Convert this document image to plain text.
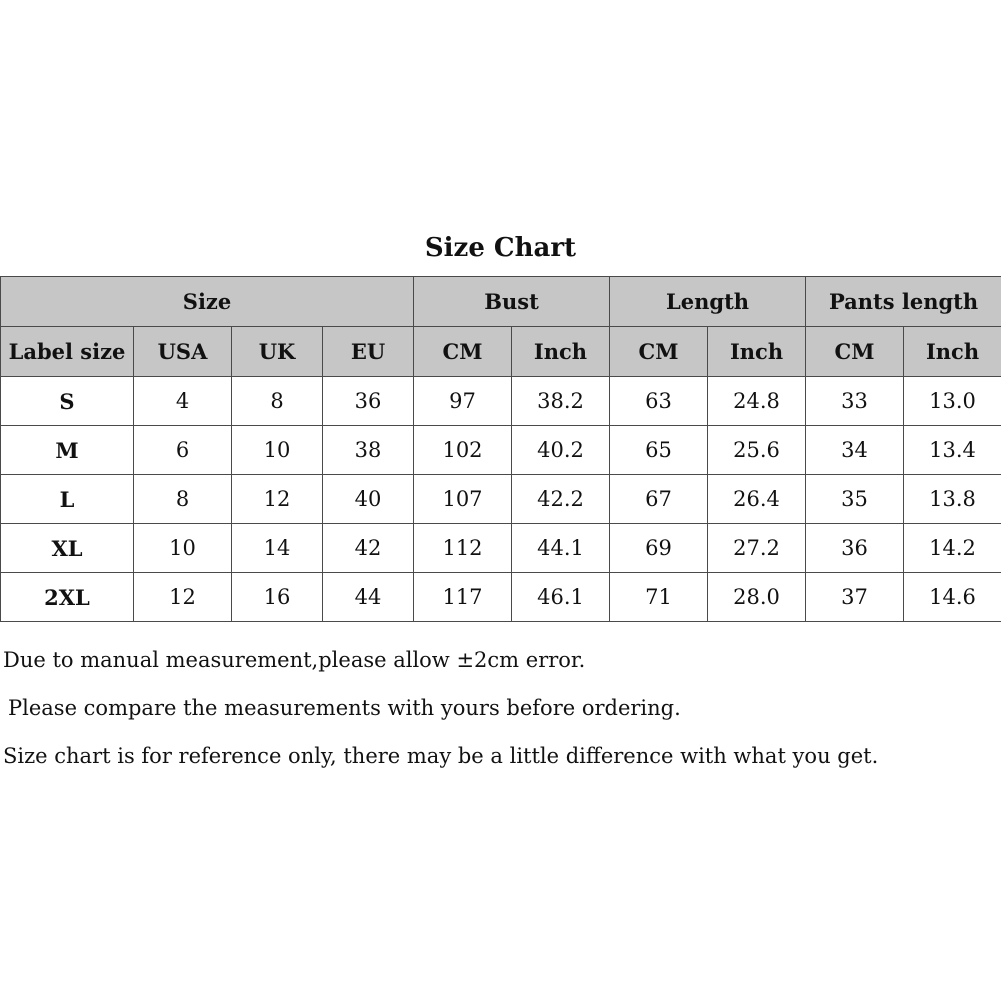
Size Chart
Size				Bust		Length		Pants length	
Label size	USA	UK	EU	CM	Inch	CM	Inch	CM	Inch
S	4	8	36	97	38.2	63	24.8	33	13.0
M	6	10	38	102	40.2	65	25.6	34	13.4
L	8	12	40	107	42.2	67	26.4	35	13.8
XL	10	14	42	112	44.1	69	27.2	36	14.2
2XL	12	16	44	117	46.1	71	28.0	37	14.6
Due to manual measurement,please allow ±2cm error.
Please compare the measurements with yours before ordering.
Size chart is for reference only, there may be a little difference with what you get.
